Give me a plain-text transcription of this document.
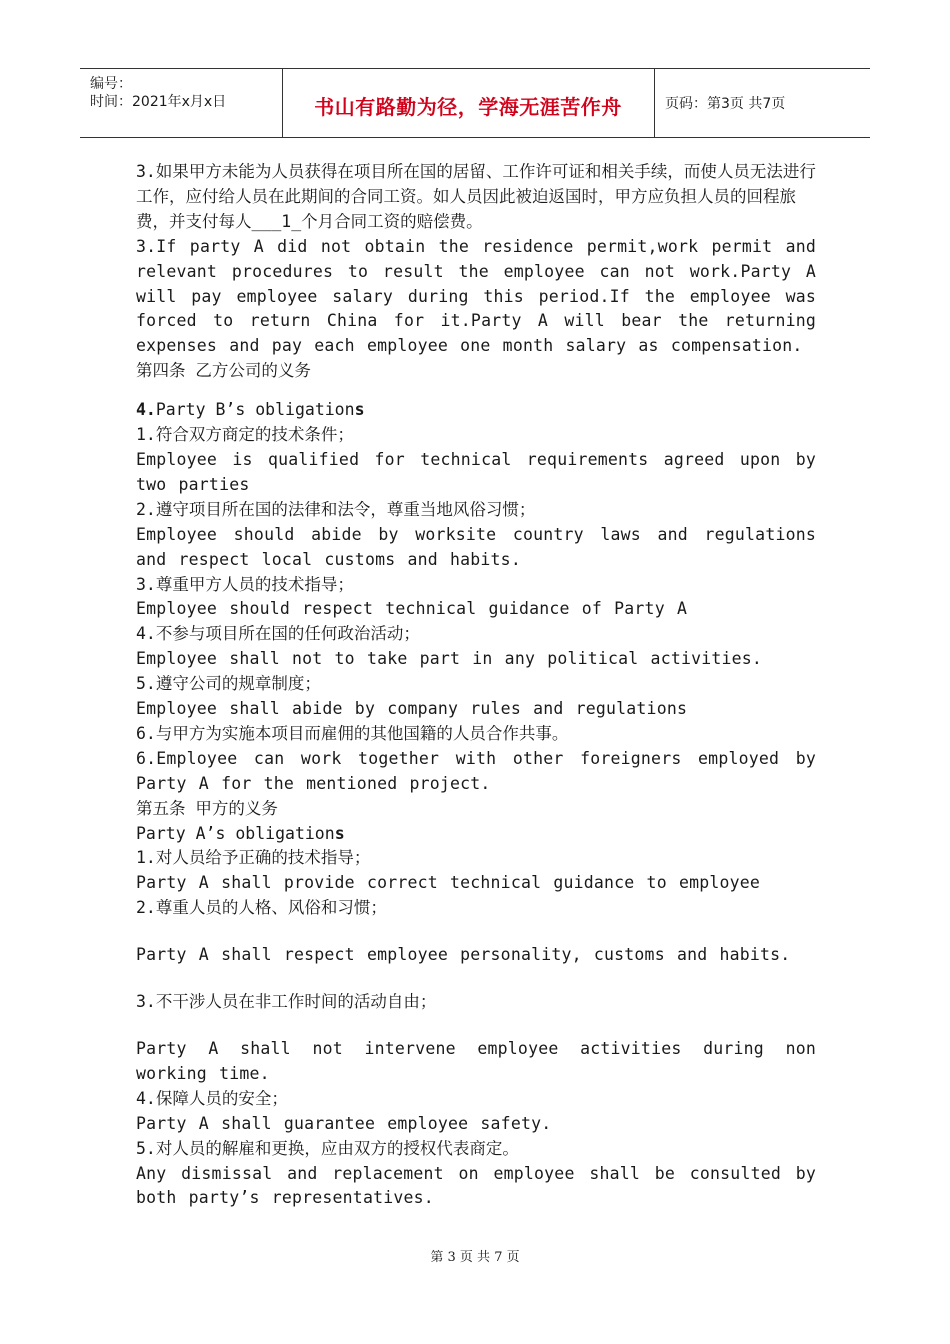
编号：
时间：2021年x月x日	书山有路勤为径，学海无涯苦作舟	页码：第3页 共7页

3.如果甲方未能为人员获得在项目所在国的居留、工作许可证和相关手续，而使人员无法进行工作，应付给人员在此期间的合同工资。如人员因此被迫返国时，甲方应负担人员的回程旅费，并支付每人___1_个月合同工资的赔偿费。

3.If party A did not obtain the residence permit,work permit and relevant procedures to result the employee can not work.Party A will pay employee salary during this period.If the employee was forced to return China for it.Party A will bear the returning expenses and pay each employee one month salary as compensation.

第四条 乙方公司的义务

4.Party B’s obligations

1.符合双方商定的技术条件；

Employee is qualified for technical requirements agreed upon by two parties

2.遵守项目所在国的法律和法令，尊重当地风俗习惯；

Employee should abide by worksite country laws and regulations and respect local customs and habits.

3.尊重甲方人员的技术指导；

Employee should respect technical guidance of Party A

4.不参与项目所在国的任何政治活动；

Employee shall not to take part in any political activities.

5.遵守公司的规章制度；

Employee shall abide by company rules and regulations

6.与甲方为实施本项目而雇佣的其他国籍的人员合作共事。

6.Employee can work together with other foreigners employed by Party A for the mentioned project.

第五条 甲方的义务

Party A’s obligations

1.对人员给予正确的技术指导；

Party A shall provide correct technical guidance to employee

2.尊重人员的人格、风俗和习惯；

Party A shall respect employee personality, customs and habits.

3.不干涉人员在非工作时间的活动自由；

Party A shall not intervene employee activities during non working time.

4.保障人员的安全；

Party A shall guarantee employee safety.

5.对人员的解雇和更换，应由双方的授权代表商定。

Any dismissal and replacement on employee shall be consulted by both party’s representatives.

第 3 页 共 7 页
